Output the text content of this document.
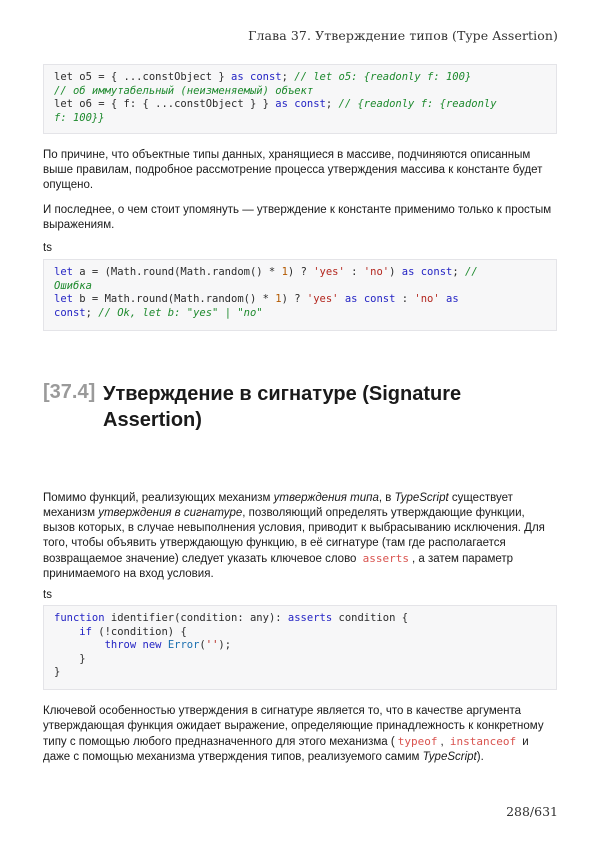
Глава 37. Утверждение типов (Type Assertion)
let o5 = { ...constObject } as const; // let o5: {readonly f: 100}
// об иммутабельный (неизменяемый) объект
let o6 = { f: { ...constObject } } as const; // {readonly f: {readonly
f: 100}}
По причине, что объектные типы данных, хранящиеся в массиве, подчиняются описанным выше правилам, подробное рассмотрение процесса утверждения массива к константе будет опущено.
И последнее, о чем стоит упомянуть — утверждение к константе применимо только к простым выражениям.
ts
let a = (Math.round(Math.random() * 1) ? 'yes' : 'no') as const; //
Ошибка
let b = Math.round(Math.random() * 1) ? 'yes' as const : 'no' as
const; // Ok, let b: "yes" | "no"
[37.4] Утверждение в сигнатуре (Signature Assertion)
Помимо функций, реализующих механизм утверждения типа, в TypeScript существует механизм утверждения в сигнатуре, позволяющий определять утверждающие функции, вызов которых, в случае невыполнения условия, приводит к выбрасыванию исключения. Для того, чтобы объявить утверждающую функцию, в её сигнатуре (там где располагается возвращаемое значение) следует указать ключевое слово asserts , а затем параметр принимаемого на вход условия.
ts
function identifier(condition: any): asserts condition {
if (!condition) {
throw new Error('');
}
}
Ключевой особенностью утверждения в сигнатуре является то, что в качестве аргумента утверждающая функция ожидает выражение, определяющие принадлежность к конкретному типу с помощью любого предназначенного для этого механизма ( typeof , instanceof и даже с помощью механизма утверждения типов, реализуемого самим TypeScript).
288/631
